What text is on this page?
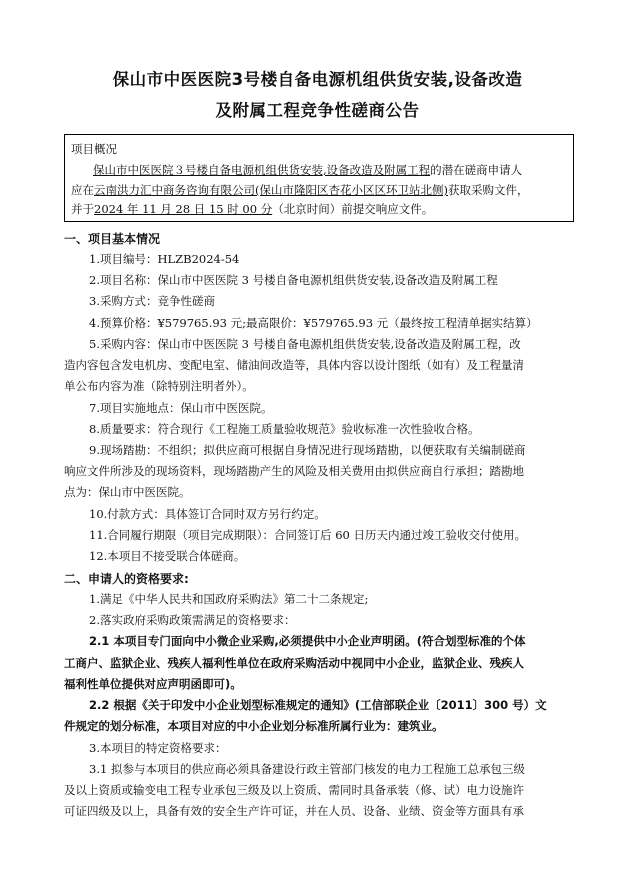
保山市中医医院3号楼自备电源机组供货安装,设备改造
及附属工程竞争性磋商公告
项目概况
保山市中医医院３号楼自备电源机组供货安装,设备改造及附属工程的潜在磋商申请人
应在云南洪力汇中商务咨询有限公司(保山市隆阳区杏花小区区环卫站北侧)获取采购文件，
并于2024 年 11 月 28 日 15 时 00 分（北京时间）前提交响应文件。
一、项目基本情况
1.项目编号：HLZB2024-54
2.项目名称：保山市中医医院 3 号楼自备电源机组供货安装,设备改造及附属工程
3.采购方式：竞争性磋商
4.预算价格：¥579765.93 元;最高限价：¥579765.93 元（最终按工程清单据实结算）
5.采购内容：保山市中医医院 3 号楼自备电源机组供货安装,设备改造及附属工程，改
造内容包含发电机房、变配电室、储油间改造等，具体内容以设计图纸（如有）及工程量清
单公布内容为准（除特别注明者外）。
7.项目实施地点：保山市中医医院。
8.质量要求：符合现行《工程施工质量验收规范》验收标准一次性验收合格。
9.现场踏勘：不组织；拟供应商可根据自身情况进行现场踏勘，以便获取有关编制磋商
响应文件所涉及的现场资料，现场踏勘产生的风险及相关费用由拟供应商自行承担；踏勘地
点为：保山市中医医院。
10.付款方式：具体签订合同时双方另行约定。
11.合同履行期限（项目完成期限）：合同签订后 60 日历天内通过竣工验收交付使用。
12.本项目不接受联合体磋商。
二、申请人的资格要求:
1.满足《中华人民共和国政府采购法》第二十二条规定;
2.落实政府采购政策需满足的资格要求：
2.1 本项目专门面向中小微企业采购,必须提供中小企业声明函。(符合划型标准的个体
工商户、监狱企业、残疾人福利性单位在政府采购活动中视同中小企业，监狱企业、残疾人
福利性单位提供对应声明函即可)。
2.2 根据《关于印发中小企业划型标准规定的通知》(工信部联企业〔2011〕300 号）文
件规定的划分标准，本项目对应的中小企业划分标准所属行业为：建筑业。
3.本项目的特定资格要求：
3.1 拟参与本项目的供应商必须具备建设行政主管部门核发的电力工程施工总承包三级
及以上资质或输变电工程专业承包三级及以上资质、需同时具备承装（修、试）电力设施许
可证四级及以上，具备有效的安全生产许可证，并在人员、设备、业绩、资金等方面具有承
